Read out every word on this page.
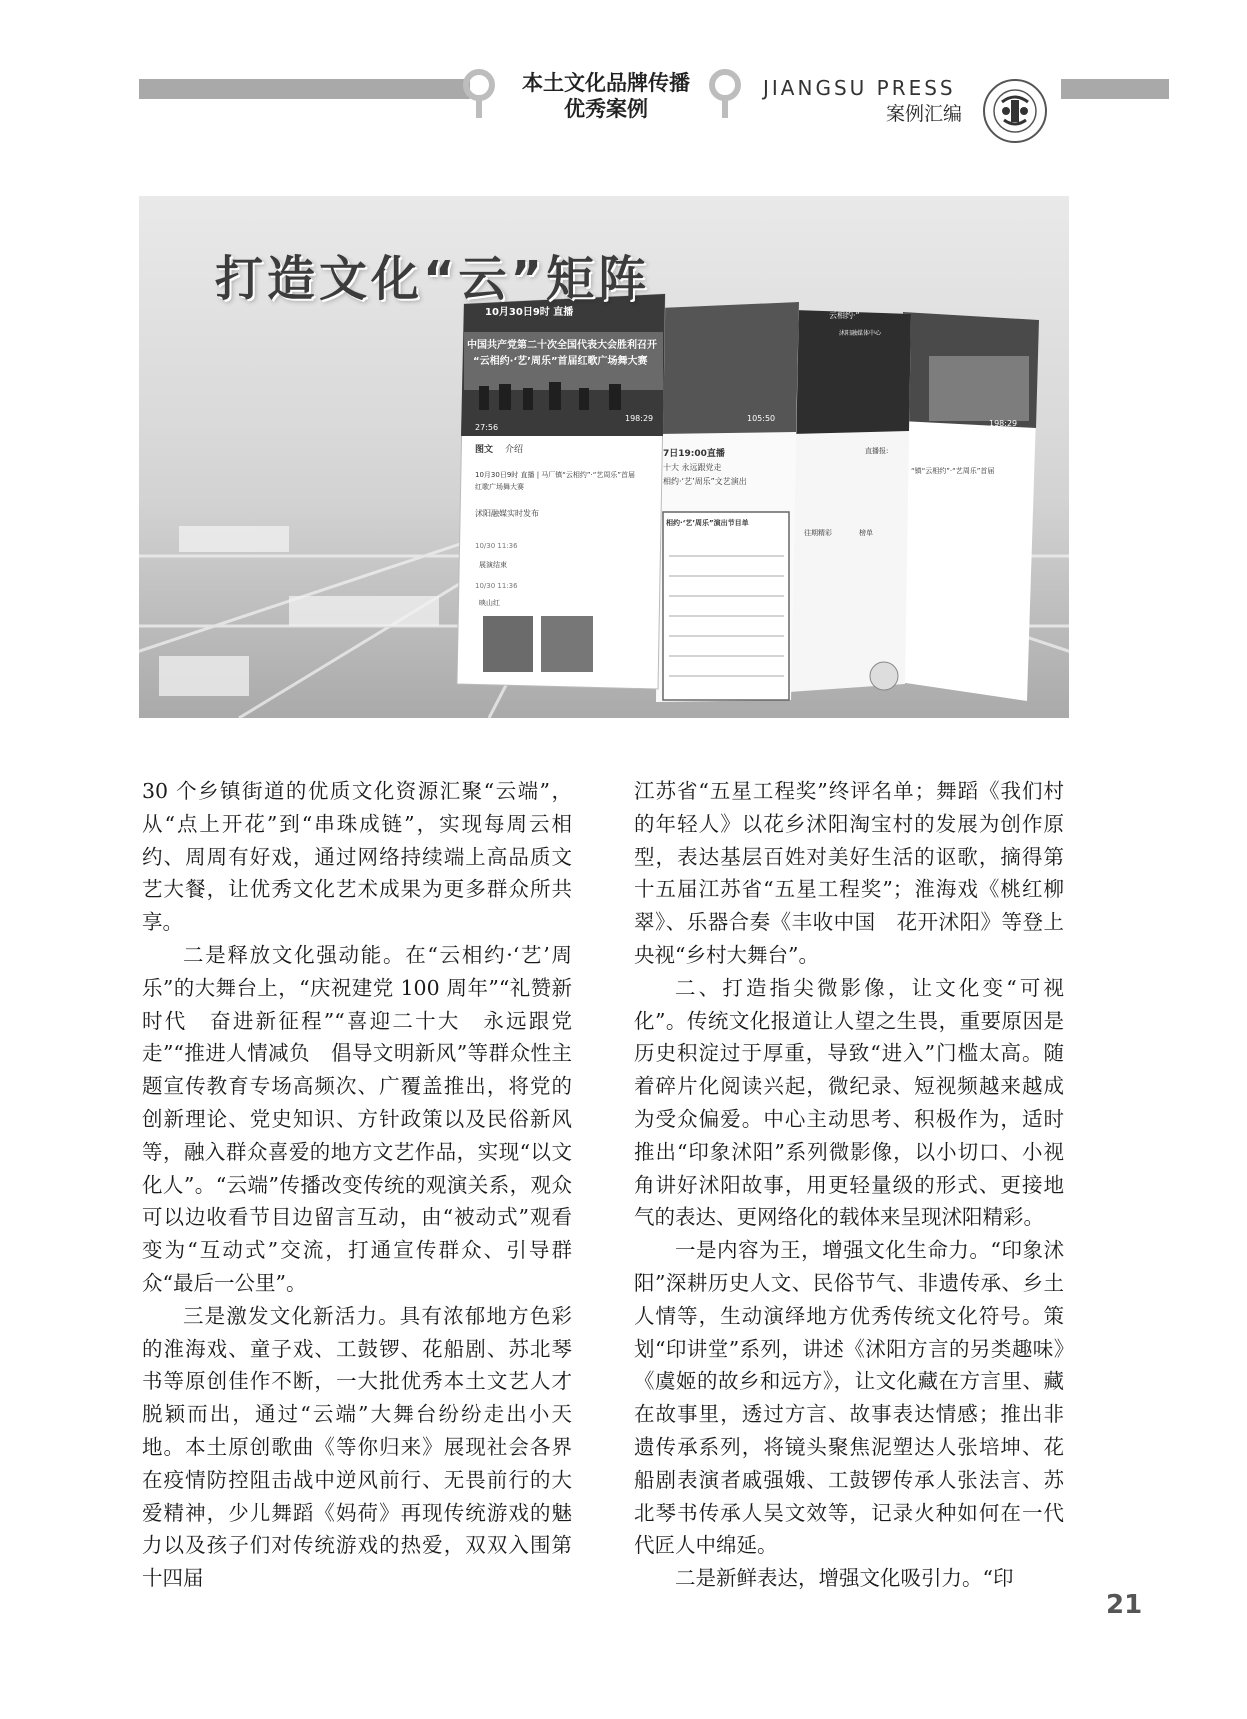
本土文化品牌传播
优秀案例
JIANGSU PRESS
案例汇编
打造文化“云”矩阵
10月30日9时 直播
中国共产党第二十次全国代表大会胜利召开
“云相约·‘艺’周乐”首届红歌广场舞大赛
198:29
27:56
图文 介绍
10月30日9时 直播 | 马厂镇“云相约”·“艺周乐”首届
红歌广场舞大赛
沭阳融媒实时发布
10/30 11:36
展演结束
10/30 11:36
映山红
105:50
7日19:00直播
十大 永远跟党走
相约·‘艺’周乐”文艺演出
相约·‘艺’周乐”演出节目单
云相约·“
沭阳融媒体中心
直播报:
往期精彩	榜单
198:29
“镇“云相约”·“艺周乐”首届

30 个乡镇街道的优质文化资源汇聚“云端”，从“点上开花”到“串珠成链”，实现每周云相约、周周有好戏，通过网络持续端上高品质文艺大餐，让优秀文化艺术成果为更多群众所共享。

二是释放文化强动能。在“云相约·‘艺’周乐”的大舞台上，“庆祝建党 100 周年”“礼赞新时代　奋进新征程”“喜迎二十大　永远跟党走”“推进人情减负　倡导文明新风”等群众性主题宣传教育专场高频次、广覆盖推出，将党的创新理论、党史知识、方针政策以及民俗新风等，融入群众喜爱的地方文艺作品，实现“以文化人”。“云端”传播改变传统的观演关系，观众可以边收看节目边留言互动，由“被动式”观看变为“互动式”交流，打通宣传群众、引导群众“最后一公里”。

三是激发文化新活力。具有浓郁地方色彩的淮海戏、童子戏、工鼓锣、花船剧、苏北琴书等原创佳作不断，一大批优秀本土文艺人才脱颖而出，通过“云端”大舞台纷纷走出小天地。本土原创歌曲《等你归来》展现社会各界在疫情防控阻击战中逆风前行、无畏前行的大爱精神，少儿舞蹈《妈荷》再现传统游戏的魅力以及孩子们对传统游戏的热爱，双双入围第十四届

江苏省“五星工程奖”终评名单；舞蹈《我们村的年轻人》以花乡沭阳淘宝村的发展为创作原型，表达基层百姓对美好生活的讴歌，摘得第十五届江苏省“五星工程奖”；淮海戏《桃红柳翠》、乐器合奏《丰收中国　花开沭阳》等登上央视“乡村大舞台”。

二、打造指尖微影像，让文化变“可视化”。传统文化报道让人望之生畏，重要原因是历史积淀过于厚重，导致“进入”门槛太高。随着碎片化阅读兴起，微纪录、短视频越来越成为受众偏爱。中心主动思考、积极作为，适时推出“印象沭阳”系列微影像，以小切口、小视角讲好沭阳故事，用更轻量级的形式、更接地气的表达、更网络化的载体来呈现沭阳精彩。

一是内容为王，增强文化生命力。“印象沭阳”深耕历史人文、民俗节气、非遗传承、乡土人情等，生动演绎地方优秀传统文化符号。策划“印讲堂”系列，讲述《沭阳方言的另类趣味》《虞姬的故乡和远方》，让文化藏在方言里、藏在故事里，透过方言、故事表达情感；推出非遗传承系列，将镜头聚焦泥塑达人张培坤、花船剧表演者戚强娥、工鼓锣传承人张法言、苏北琴书传承人吴文效等，记录火种如何在一代代匠人中绵延。

二是新鲜表达，增强文化吸引力。“印

21
